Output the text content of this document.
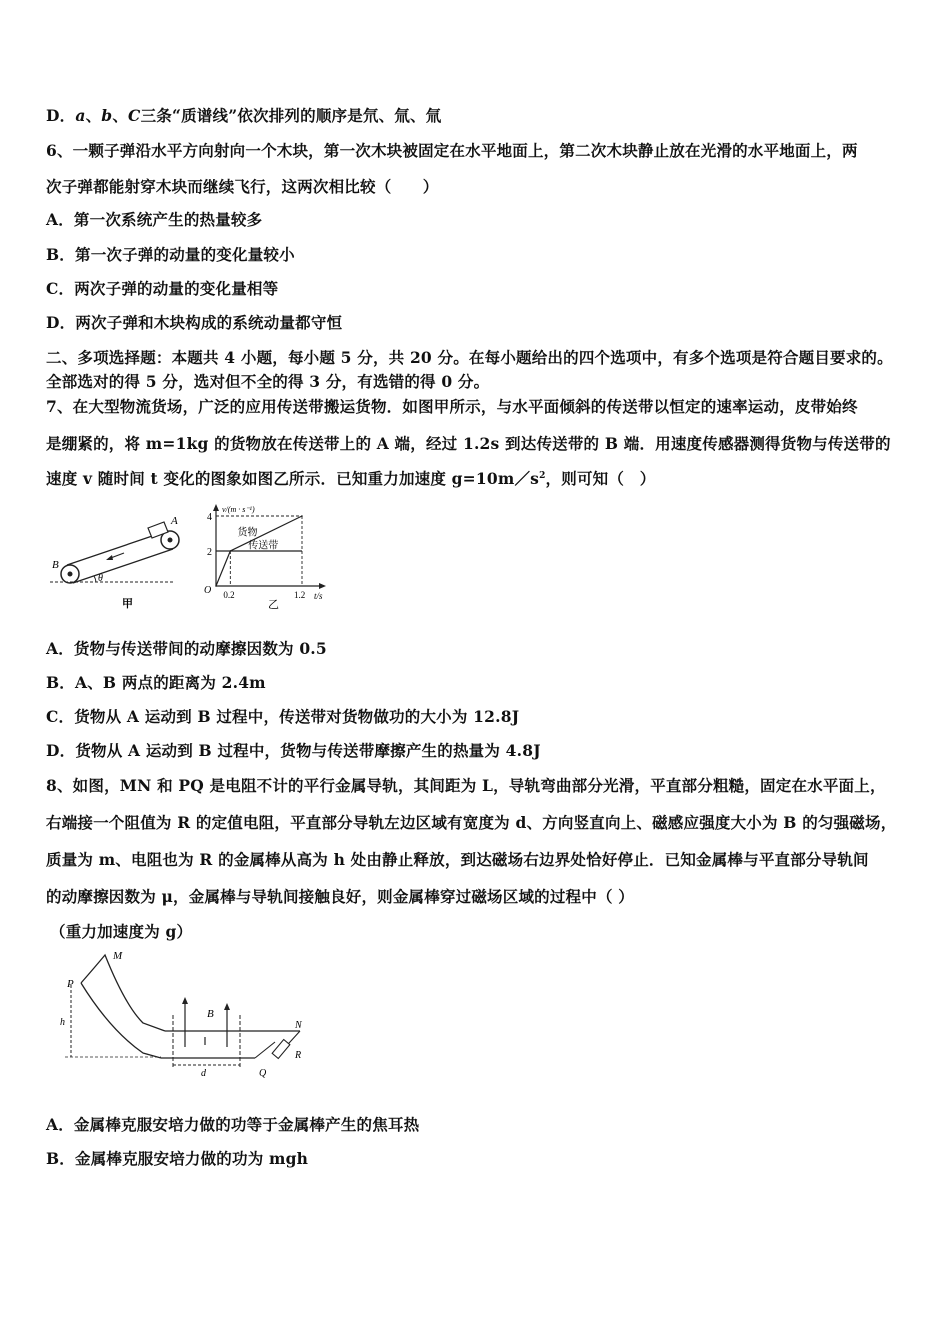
D．a、b、C三条“质谱线”依次排列的顺序是氘、氚、氚
6、一颗子弹沿水平方向射向一个木块，第一次木块被固定在水平地面上，第二次木块静止放在光滑的水平地面上，两
次子弹都能射穿木块而继续飞行，这两次相比较（　　）
A．第一次系统产生的热量较多
B．第一次子弹的动量的变化量较小
C．两次子弹的动量的变化量相等
D．两次子弹和木块构成的系统动量都守恒
二、多项选择题：本题共 4 小题，每小题 5 分，共 20 分。在每小题给出的四个选项中，有多个选项是符合题目要求的。
全部选对的得 5 分，选对但不全的得 3 分，有选错的得 0 分。
7、在大型物流货场，广泛的应用传送带搬运货物．如图甲所示，与水平面倾斜的传送带以恒定的速率运动，皮带始终
是绷紧的，将 m=1kg 的货物放在传送带上的 A 端，经过 1.2s 到达传送带的 B 端．用速度传感器测得货物与传送带的
速度 v 随时间 t 变化的图象如图乙所示．已知重力加速度 $g=10m/s^2$，则可知（　）
A
B
θ
甲
v/(m · s⁻¹)
O	t/s
乙
4
2
0.2	1.2
货物
传送带
A．货物与传送带间的动摩擦因数为 0.5
B．A、B 两点的距离为 2.4m
C．货物从 A 运动到 B 过程中，传送带对货物做功的大小为 12.8J
D．货物从 A 运动到 B 过程中，货物与传送带摩擦产生的热量为 4.8J
8、如图，MN 和 PQ 是电阻不计的平行金属导轨，其间距为 L，导轨弯曲部分光滑，平直部分粗糙，固定在水平面上，
右端接一个阻值为 R 的定值电阻，平直部分导轨左边区域有宽度为 d、方向竖直向上、磁感应强度大小为 B 的匀强磁场，
质量为 m、电阻也为 R 的金属棒从高为 h 处由静止释放，到达磁场右边界处恰好停止．已知金属棒与平直部分导轨间
的动摩擦因数为 μ，金属棒与导轨间接触良好，则金属棒穿过磁场区域的过程中（ ）
（重力加速度为 g）
P
M
h
B
N
R
d	Q
A．金属棒克服安培力做的功等于金属棒产生的焦耳热
B．金属棒克服安培力做的功为 mgh
